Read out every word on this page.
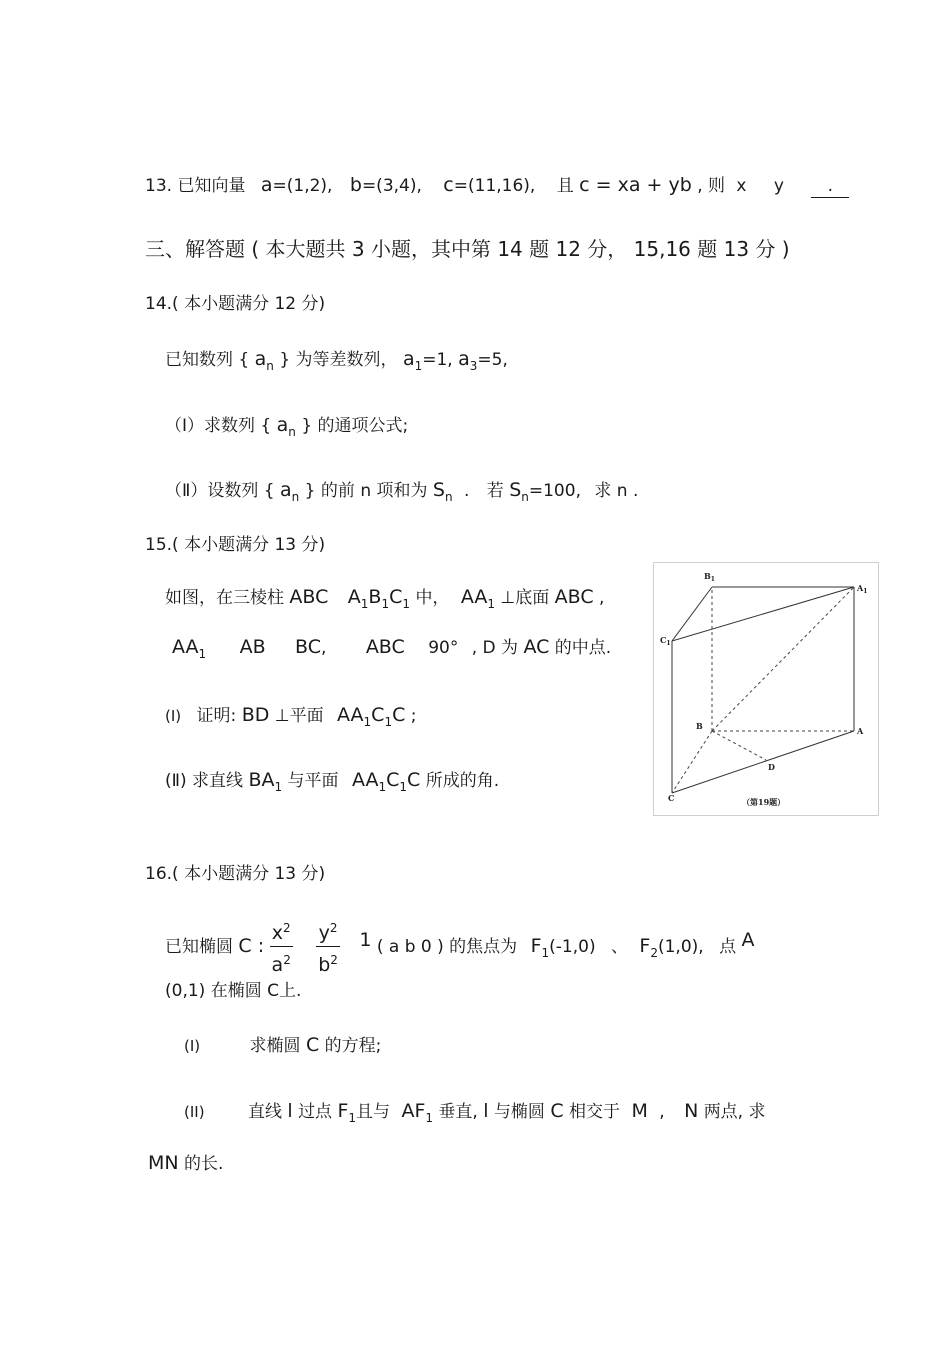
13. 已知向量 a=(1,2), b=(3,4), c=(11,16), 且 c = xa + yb , 则 x y	.
三、解答题 ( 本大题共 3 小题，其中第 14 题 12 分， 15,16 题 13 分 )
14.( 本小题满分 12 分)
已知数列 { an } 为等差数列， a1=1, a3=5,
（Ⅰ）求数列 { an } 的通项公式;
（Ⅱ）设数列 { an } 的前 n 项和为 Sn . 若 Sn=100, 求 n .
15.( 本小题满分 13 分)
如图，在三棱柱 ABC A1B1C1 中， AA1 ⊥底面 ABC ,
AA1 AB BC, ABC 90° , D 为 AC 的中点.
(I) 证明: BD ⊥平面 AA1C1C ;
(Ⅱ) 求直线 BA1 与平面 AA1C1C 所成的角.
$B_1$
$A_1$
$C_1$
B	A
D
C	（第19题）
16.( 本小题满分 13 分)
已知椭圆 C : $\frac{x2}{a2}$
$\frac{y2}{b2} 1$ ( a b 0 ) 的焦点为 F1(-1,0) 、 F2(1,0), 点 A
(0,1) 在椭圆 C上.
(I)	求椭圆 C 的方程;
(II)	直线 l 过点 F1且与 AF1 垂直, l 与椭圆 C 相交于 M , N 两点, 求
MN 的长.
